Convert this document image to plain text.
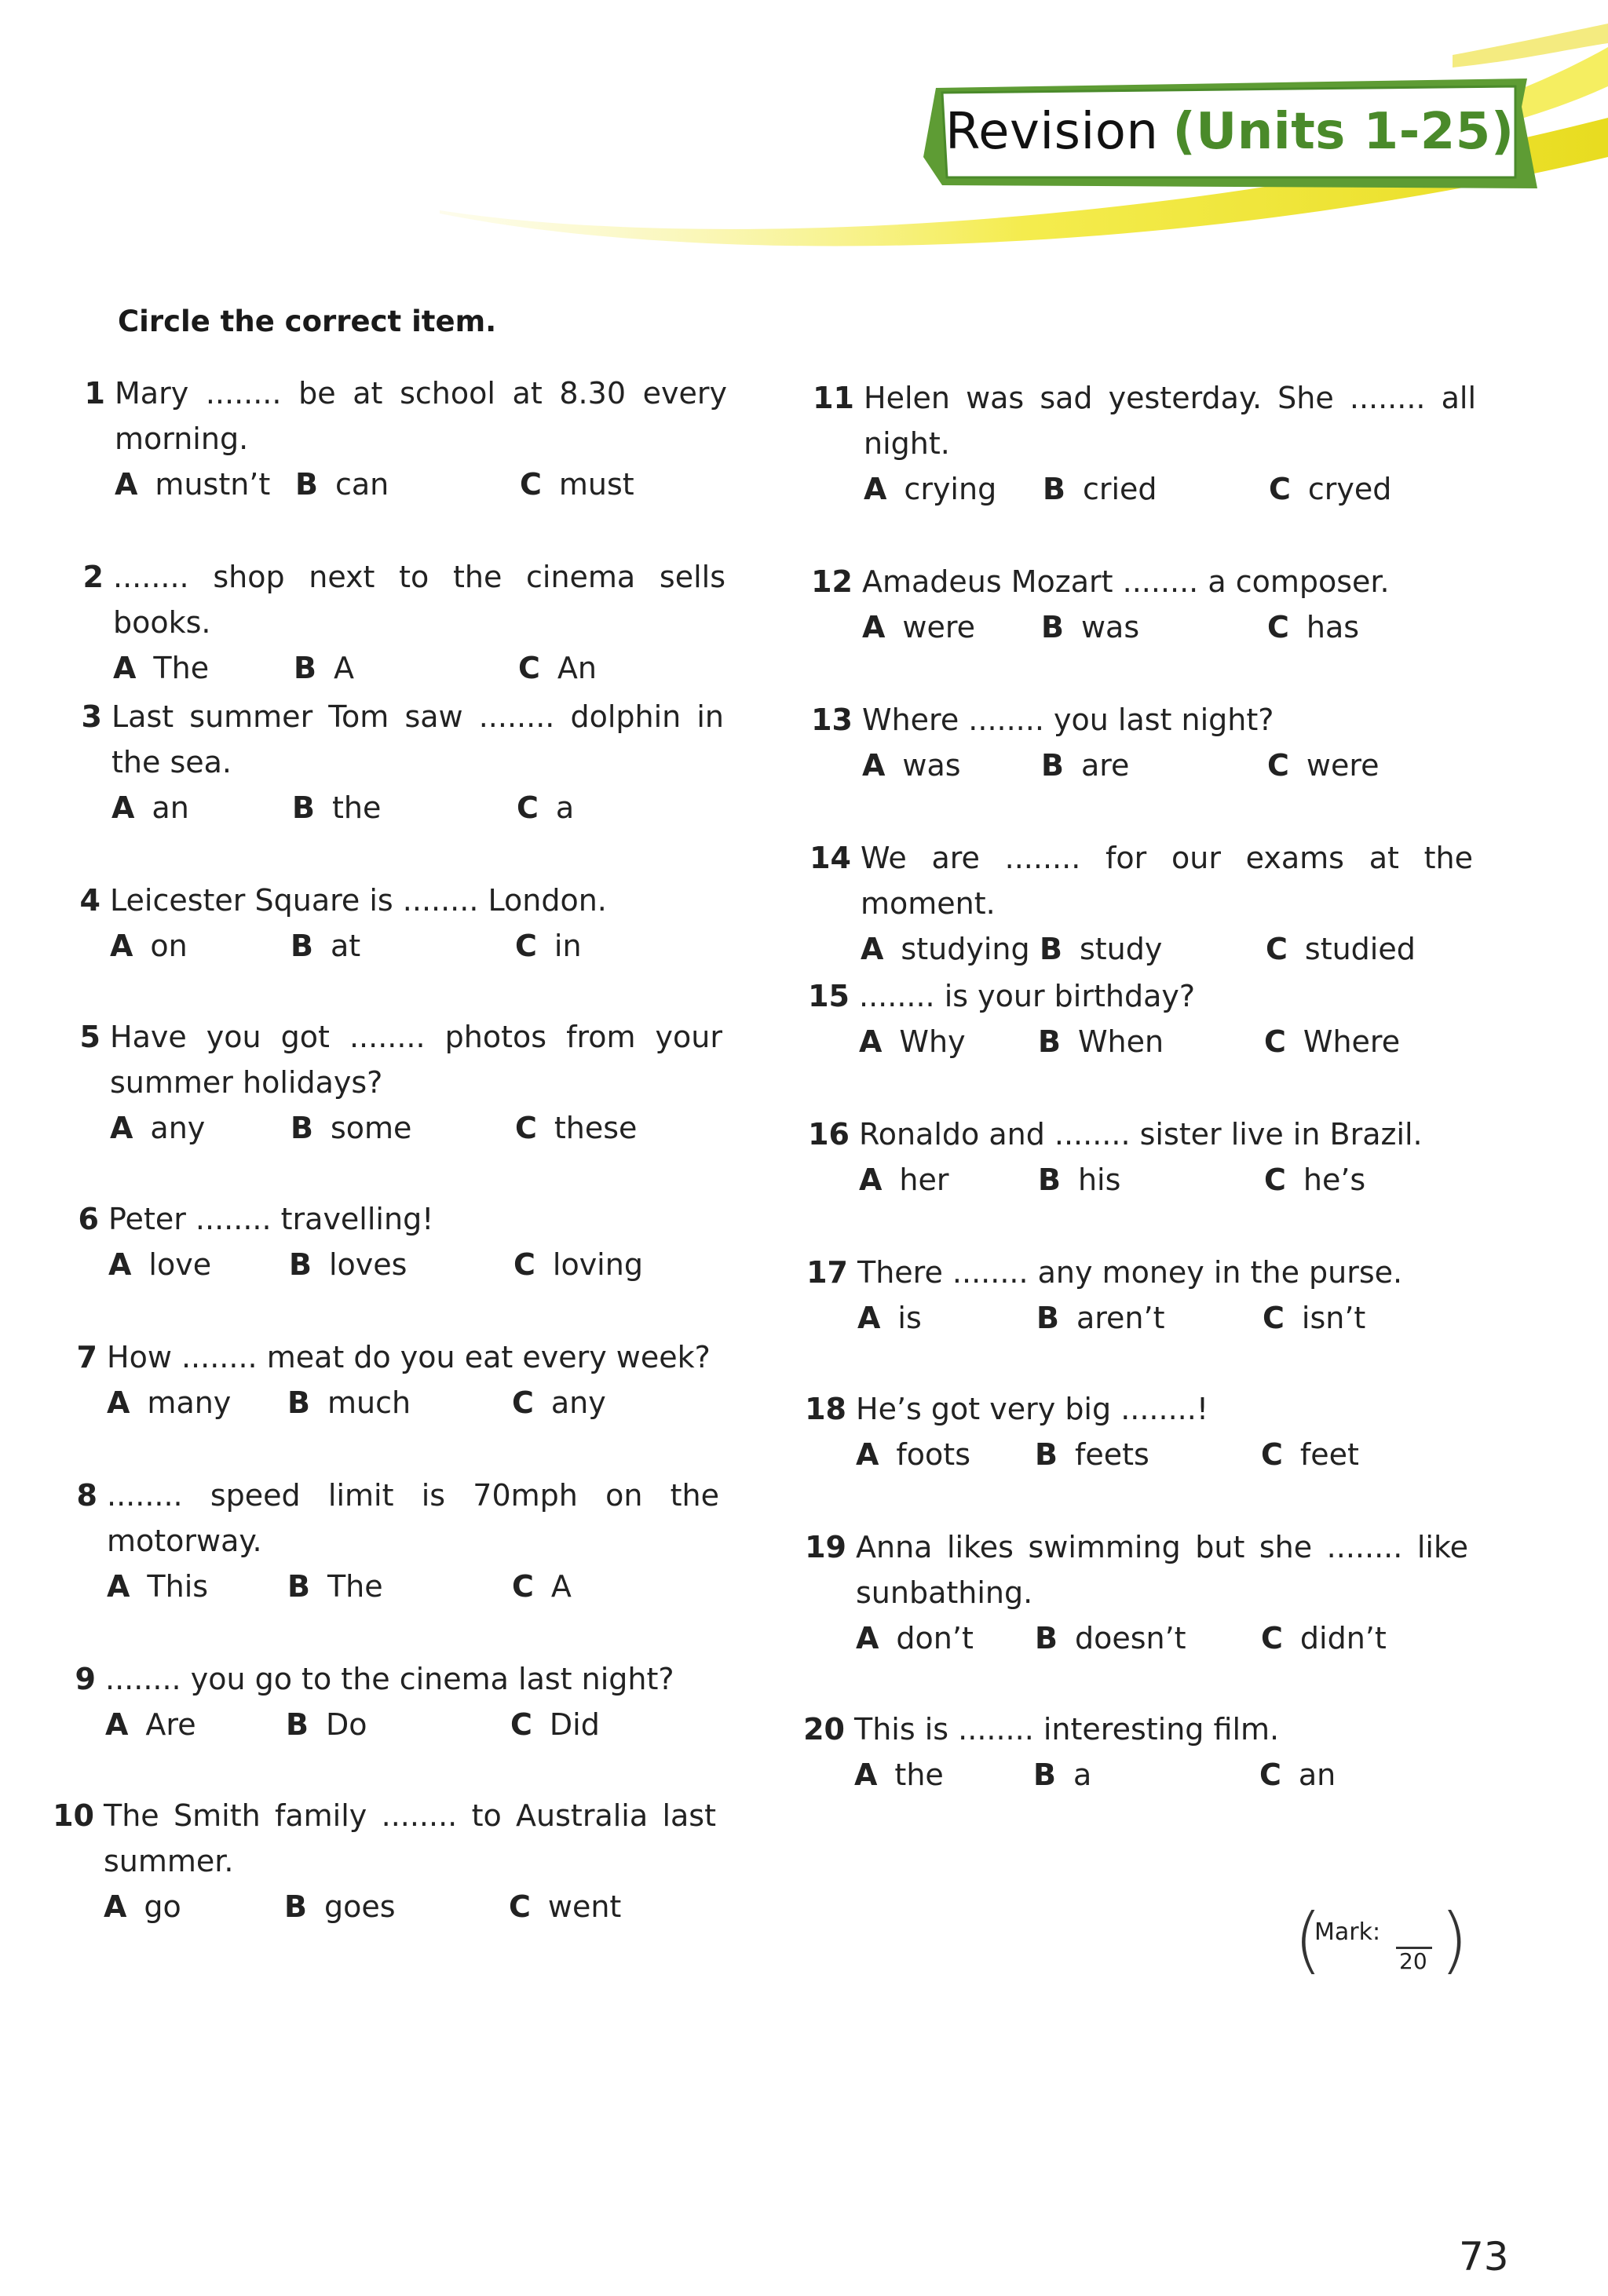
Revision (Units 1-25)
Circle the correct item.
1 Mary ........ be at school at 8.30 every morning.
A mustn’t B can	C must
2 ........ shop next to the cinema sells books.
A The	B A	C An
3 Last summer Tom saw ........ dolphin in the sea.
A an	B the	C a
4 Leicester Square is ........ London.
A on	B at	C in
5 Have you got ........ photos from your summer holidays?
A any	B some	C these
6 Peter ........ travelling!
A love	B loves	C loving
7 How ........ meat do you eat every week?
A many B much	C any
8 ........ speed limit is 70mph on the motorway.
A This	B The	C A
9 ........ you go to the cinema last night?
A Are	B Do	C Did
10 The Smith family ........ to Australia last summer.
A go	B goes	C went
11 Helen was sad yesterday. She ........ all night.
A crying B cried	C cryed
12 Amadeus Mozart ........ a composer.
A were B was	C has
13 Where ........ you last night?
A was	B are	C were
14 We are ........ for our exams at the moment.
A studying B study	C studied
15 ........ is your birthday?
A Why B When	C Where
16 Ronaldo and ........ sister live in Brazil.
A her	B his	C he’s
17 There ........ any money in the purse.
A is	B aren’t	C isn’t
18 He’s got very big ........!
A foots B feets	C feet
19 Anna likes swimming but she ........ like sunbathing.
A don’t B doesn’t	C didn’t
20 This is ........ interesting film.
A the	B a	C an
(
Mark:
20 )
73
